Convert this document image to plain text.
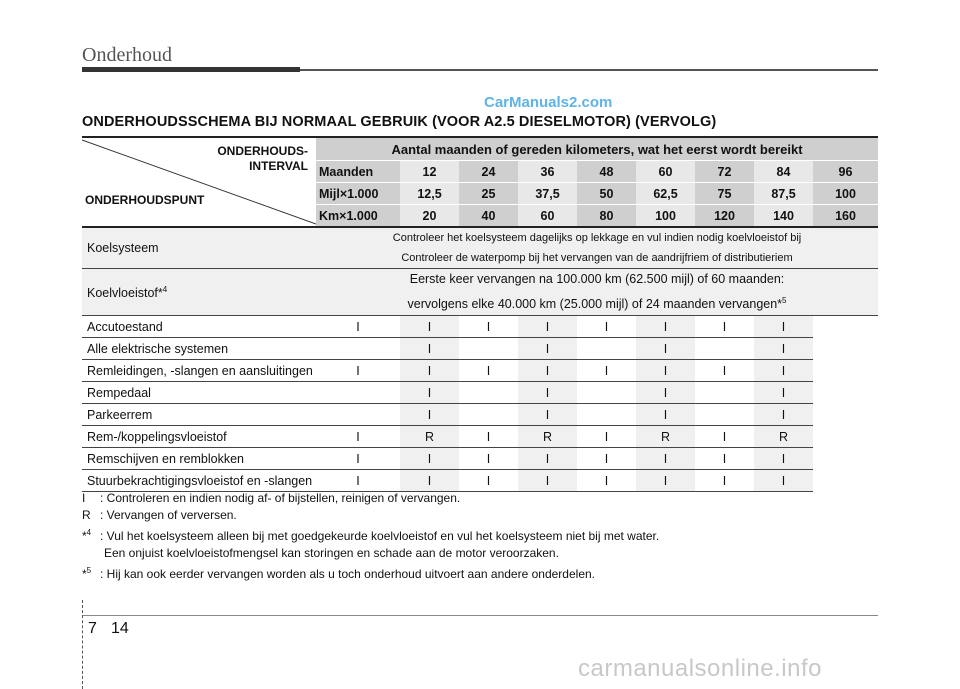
Onderhoud
CarManuals2.com
ONDERHOUDSSCHEMA BIJ NORMAAL GEBRUIK (VOOR A2.5 DIESELMOTOR) (VERVOLG)
ONDERHOUDS-
INTERVAL
ONDERHOUDSPUNT	Aantal maanden of gereden kilometers, wat het eerst wordt bereikt								
	Maanden	12	24	36	48	60	72	84	96
	Mijl×1.000	12,5	25	37,5	50	62,5	75	87,5	100
	Km×1.000	20	40	60	80	100	120	140	160
Koelsysteem	Controleer het koelsysteem dagelijks op lekkage en vul indien nodig koelvloeistof bij
Controleer de waterpomp bij het vervangen van de aandrijfriem of distributieriem								

Koelvloeistof*$^4$	Eerste keer vervangen na 100.000 km (62.500 mijl) of 60 maanden:
vervolgens elke 40.000 km (25.000 mijl) of 24 maanden vervangen*$^5$

Accutoestand	I	I	I	I	I	I	I	I	
Alle elektrische systemen		I		I		I		I	
Remleidingen, -slangen en aansluitingen	I	I	I	I	I	I	I	I	
Rempedaal		I		I		I		I	
Parkeerrem		I		I		I		I	
Rem-/koppelingsvloeistof	I	R	I	R	I	R	I	R	
Remschijven en remblokken	I	I	I	I	I	I	I	I	
Stuurbekrachtigingsvloeistof en -slangen	I	I	I	I	I	I	I	I	
I : Controleren en indien nodig af- of bijstellen, reinigen of vervangen.
R : Vervangen of verversen.
*$^4$ : Vul het koelsysteem alleen bij met goedgekeurde koelvloeistof en vul het koelsysteem niet bij met water.
Een onjuist koelvloeistofmengsel kan storingen en schade aan de motor veroorzaken.
*$^5$ : Hij kan ook eerder vervangen worden als u toch onderhoud uitvoert aan andere onderdelen.
7 14
carmanualsonline.info
